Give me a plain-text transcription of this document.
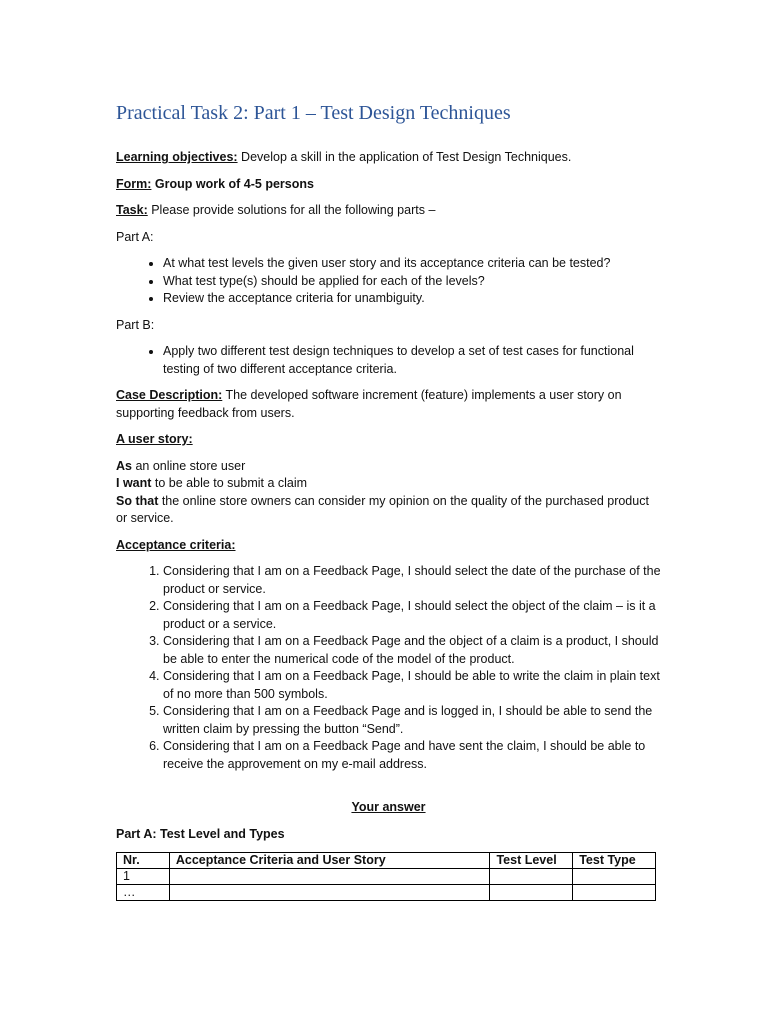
Practical Task 2: Part 1 – Test Design Techniques

Learning objectives: Develop a skill in the application of Test Design Techniques.

Form: Group work of 4-5 persons

Task: Please provide solutions for all the following parts –

Part A:

• At what test levels the given user story and its acceptance criteria can be tested?
• What test type(s) should be applied for each of the levels?
• Review the acceptance criteria for unambiguity.

Part B:

• Apply two different test design techniques to develop a set of test cases for functional testing of two different acceptance criteria.

Case Description: The developed software increment (feature) implements a user story on supporting feedback from users.

A user story:

As an online store user
I want to be able to submit a claim
So that the online store owners can consider my opinion on the quality of the purchased product or service.

Acceptance criteria:

1. Considering that I am on a Feedback Page, I should select the date of the purchase of the product or service.
2. Considering that I am on a Feedback Page, I should select the object of the claim – is it a product or a service.
3. Considering that I am on a Feedback Page and the object of a claim is a product, I should be able to enter the numerical code of the model of the product.
4. Considering that I am on a Feedback Page, I should be able to write the claim in plain text of no more than 500 symbols.
5. Considering that I am on a Feedback Page and is logged in, I should be able to send the written claim by pressing the button “Send”.
6. Considering that I am on a Feedback Page and have sent the claim, I should be able to receive the approvement on my e-mail address.

Your answer

Part A: Test Level and Types

Nr.	Acceptance Criteria and User Story	Test Level	Test Type
1			
…			
